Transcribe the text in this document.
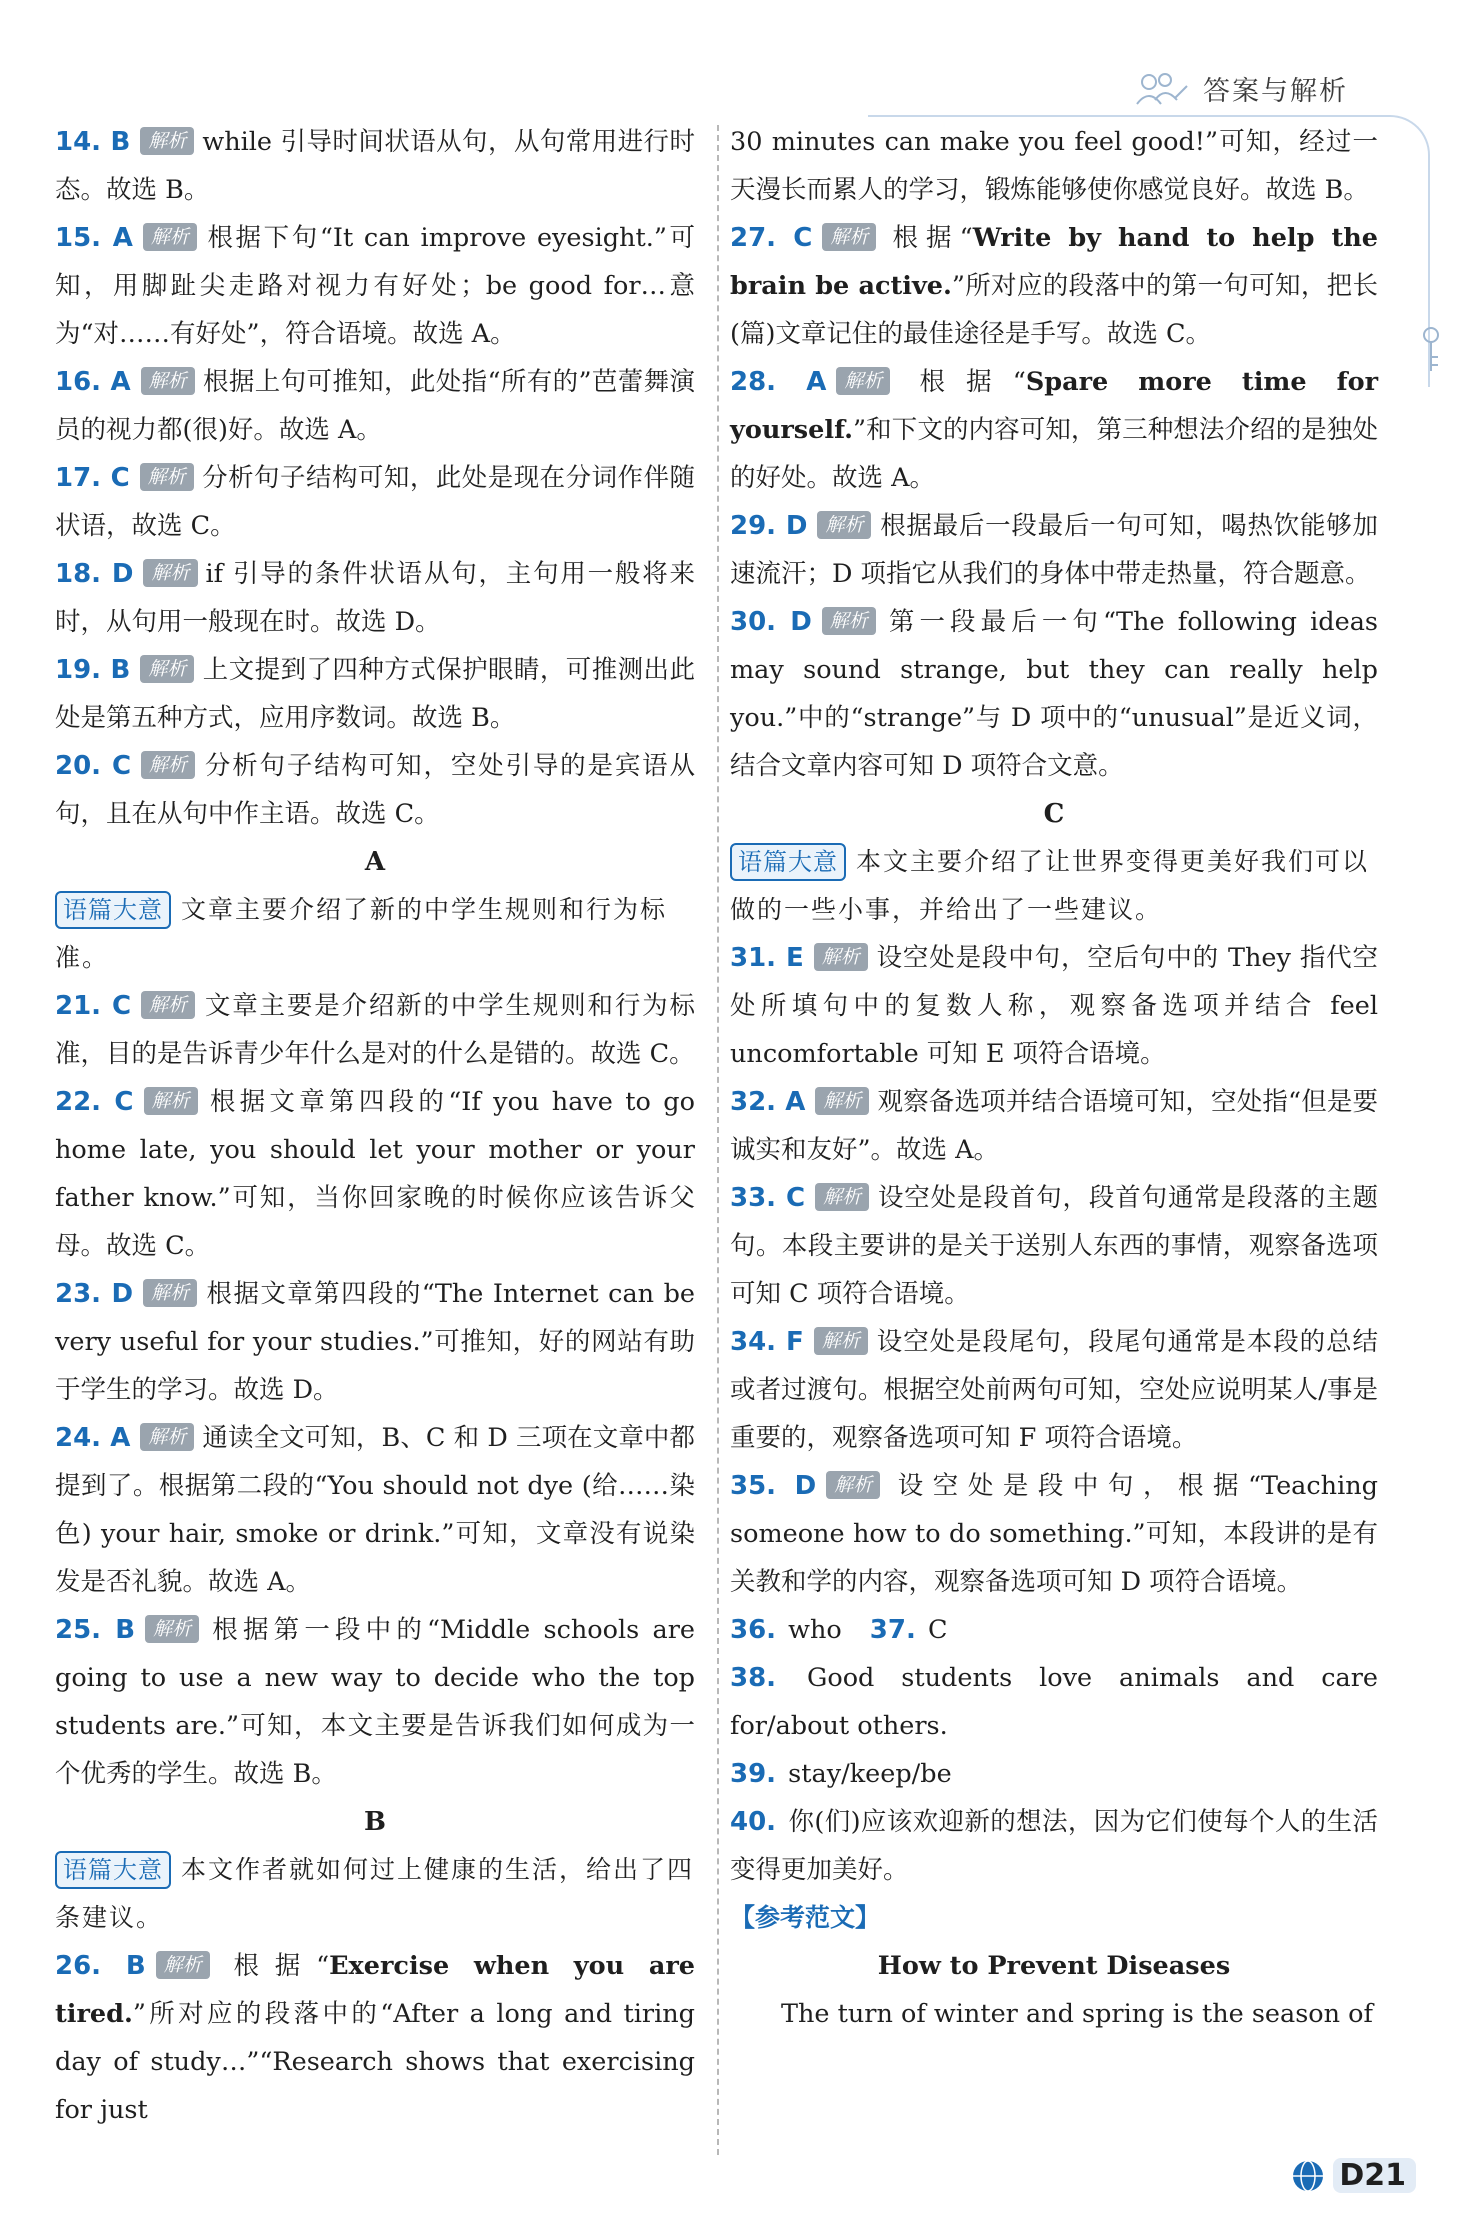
答案与解析

14. B 解析 while 引导时间状语从句，从句常用进行时态。故选 B。

15. A 解析 根据下句“It can improve eyesight.”可知，用脚趾尖走路对视力有好处；be good for…意为“对……有好处”，符合语境。故选 A。

16. A 解析 根据上句可推知，此处指“所有的”芭蕾舞演员的视力都(很)好。故选 A。

17. C 解析 分析句子结构可知，此处是现在分词作伴随状语，故选 C。

18. D 解析 if 引导的条件状语从句，主句用一般将来时，从句用一般现在时。故选 D。

19. B 解析 上文提到了四种方式保护眼睛，可推测出此处是第五种方式，应用序数词。故选 B。

20. C 解析 分析句子结构可知，空处引导的是宾语从句，且在从句中作主语。故选 C。

A

语篇大意 文章主要介绍了新的中学生规则和行为标准。

21. C 解析 文章主要是介绍新的中学生规则和行为标准，目的是告诉青少年什么是对的什么是错的。故选 C。

22. C 解析 根据文章第四段的“If you have to go home late, you should let your mother or your father know.”可知，当你回家晚的时候你应该告诉父母。故选 C。

23. D 解析 根据文章第四段的“The Internet can be very useful for your studies.”可推知，好的网站有助于学生的学习。故选 D。

24. A 解析 通读全文可知，B、C 和 D 三项在文章中都提到了。根据第二段的“You should not dye (给……染色) your hair, smoke or drink.”可知，文章没有说染发是否礼貌。故选 A。

25. B 解析 根据第一段中的“Middle schools are going to use a new way to decide who the top students are.”可知，本文主要是告诉我们如何成为一个优秀的学生。故选 B。

B

语篇大意 本文作者就如何过上健康的生活，给出了四条建议。

26. B 解析 根据“Exercise when you are tired.”所对应的段落中的“After a long and tiring day of study…”“Research shows that exercising for just

30 minutes can make you feel good!”可知，经过一天漫长而累人的学习，锻炼能够使你感觉良好。故选 B。

27. C 解析 根据“Write by hand to help the brain be active.”所对应的段落中的第一句可知，把长(篇)文章记住的最佳途径是手写。故选 C。

28. A 解析 根据“Spare more time for yourself.”和下文的内容可知，第三种想法介绍的是独处的好处。故选 A。

29. D 解析 根据最后一段最后一句可知，喝热饮能够加速流汗；D 项指它从我们的身体中带走热量，符合题意。

30. D 解析 第一段最后一句“The following ideas may sound strange, but they can really help you.”中的“strange”与 D 项中的“unusual”是近义词，结合文章内容可知 D 项符合文意。

C

语篇大意 本文主要介绍了让世界变得更美好我们可以做的一些小事，并给出了一些建议。

31. E 解析 设空处是段中句，空后句中的 They 指代空处所填句中的复数人称，观察备选项并结合 feel uncomfortable 可知 E 项符合语境。

32. A 解析 观察备选项并结合语境可知，空处指“但是要诚实和友好”。故选 A。

33. C 解析 设空处是段首句，段首句通常是段落的主题句。本段主要讲的是关于送别人东西的事情，观察备选项可知 C 项符合语境。

34. F 解析 设空处是段尾句，段尾句通常是本段的总结或者过渡句。根据空处前两句可知，空处应说明某人/事是重要的，观察备选项可知 F 项符合语境。

35. D 解析 设空处是段中句，根据“Teaching someone how to do something.”可知，本段讲的是有关教和学的内容，观察备选项可知 D 项符合语境。

36. who 37. C

38. Good students love animals and care for/about others.

39. stay/keep/be

40. 你(们)应该欢迎新的想法，因为它们使每个人的生活变得更加美好。

【参考范文】

How to Prevent Diseases

The turn of winter and spring is the season of

D21
